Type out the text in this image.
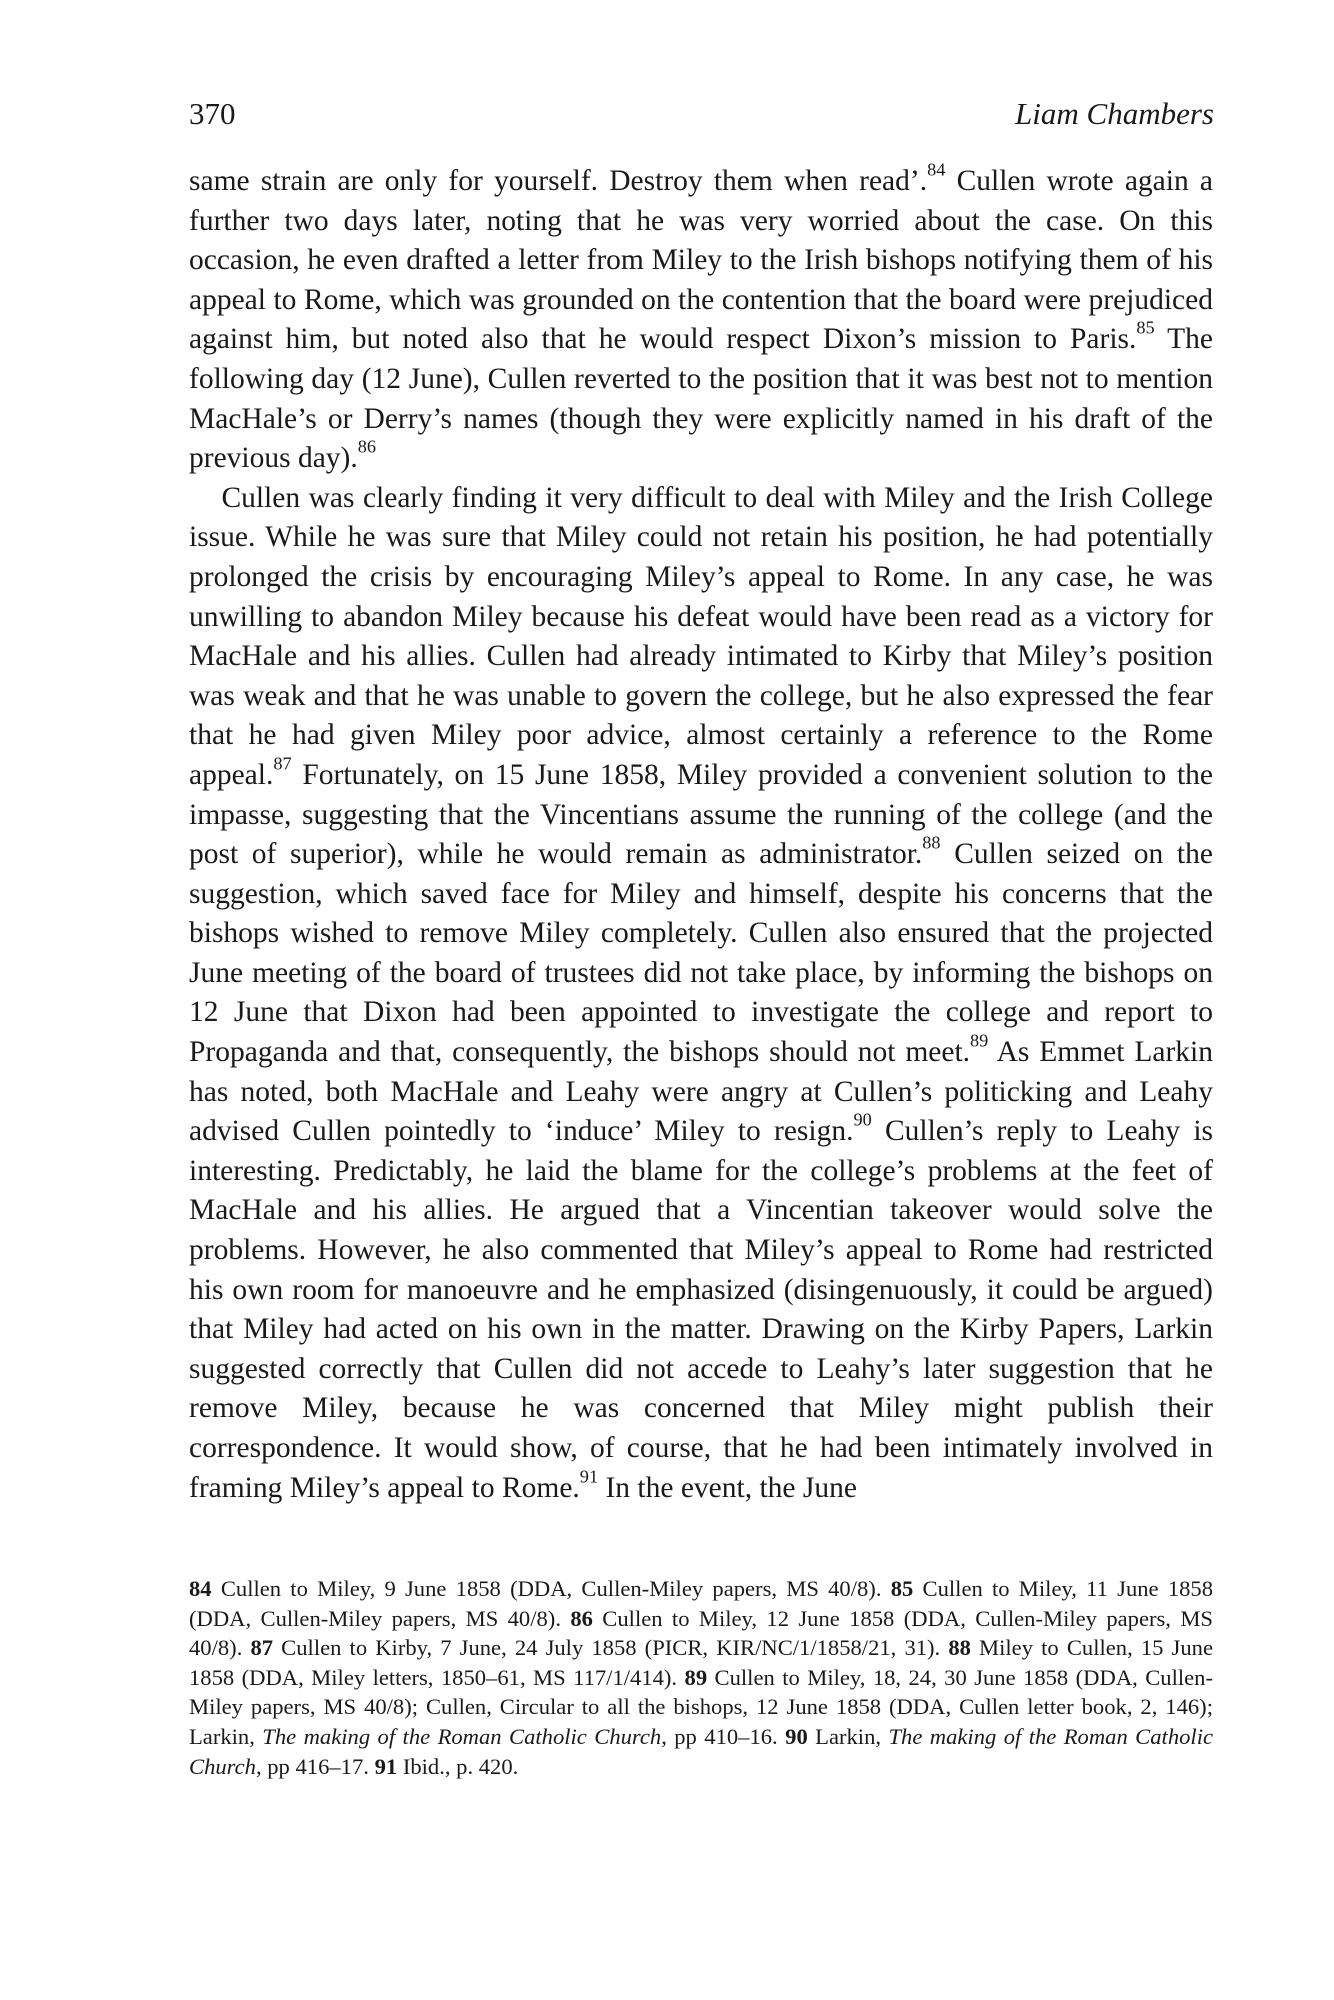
370	Liam Chambers

same strain are only for yourself. Destroy them when read’.$^{84}$ Cullen wrote again a further two days later, noting that he was very worried about the case. On this occasion, he even drafted a letter from Miley to the Irish bishops notifying them of his appeal to Rome, which was grounded on the contention that the board were prejudiced against him, but noted also that he would respect Dixon’s mission to Paris.$^{85}$ The following day (12 June), Cullen reverted to the position that it was best not to mention MacHale’s or Derry’s names (though they were explicitly named in his draft of the previous day).$^{86}$

Cullen was clearly finding it very difficult to deal with Miley and the Irish College issue. While he was sure that Miley could not retain his position, he had potentially prolonged the crisis by encouraging Miley’s appeal to Rome. In any case, he was unwilling to abandon Miley because his defeat would have been read as a victory for MacHale and his allies. Cullen had already intimated to Kirby that Miley’s position was weak and that he was unable to govern the college, but he also expressed the fear that he had given Miley poor advice, almost certainly a reference to the Rome appeal.$^{87}$ Fortunately, on 15 June 1858, Miley provided a convenient solution to the impasse, suggesting that the Vincentians assume the running of the college (and the post of superior), while he would remain as administrator.$^{88}$ Cullen seized on the suggestion, which saved face for Miley and himself, despite his concerns that the bishops wished to remove Miley completely. Cullen also ensured that the projected June meeting of the board of trustees did not take place, by informing the bishops on 12 June that Dixon had been appointed to investigate the college and report to Propaganda and that, consequently, the bishops should not meet.$^{89}$ As Emmet Larkin has noted, both MacHale and Leahy were angry at Cullen’s politicking and Leahy advised Cullen pointedly to ‘induce’ Miley to resign.$^{90}$ Cullen’s reply to Leahy is interesting. Predictably, he laid the blame for the college’s problems at the feet of MacHale and his allies. He argued that a Vincentian takeover would solve the problems. However, he also commented that Miley’s appeal to Rome had restricted his own room for manoeuvre and he emphasized (disingenuously, it could be argued) that Miley had acted on his own in the matter. Drawing on the Kirby Papers, Larkin suggested correctly that Cullen did not accede to Leahy’s later suggestion that he remove Miley, because he was concerned that Miley might publish their correspondence. It would show, of course, that he had been intimately involved in framing Miley’s appeal to Rome.$^{91}$ In the event, the June

84 Cullen to Miley, 9 June 1858 (DDA, Cullen-Miley papers, MS 40/8). 85 Cullen to Miley, 11 June 1858 (DDA, Cullen-Miley papers, MS 40/8). 86 Cullen to Miley, 12 June 1858 (DDA, Cullen-Miley papers, MS 40/8). 87 Cullen to Kirby, 7 June, 24 July 1858 (PICR, KIR/NC/1/1858/21, 31). 88 Miley to Cullen, 15 June 1858 (DDA, Miley letters, 1850–61, MS 117/1/414). 89 Cullen to Miley, 18, 24, 30 June 1858 (DDA, Cullen-Miley papers, MS 40/8); Cullen, Circular to all the bishops, 12 June 1858 (DDA, Cullen letter book, 2, 146); Larkin, The making of the Roman Catholic Church, pp 410–16. 90 Larkin, The making of the Roman Catholic Church, pp 416–17. 91 Ibid., p. 420.
